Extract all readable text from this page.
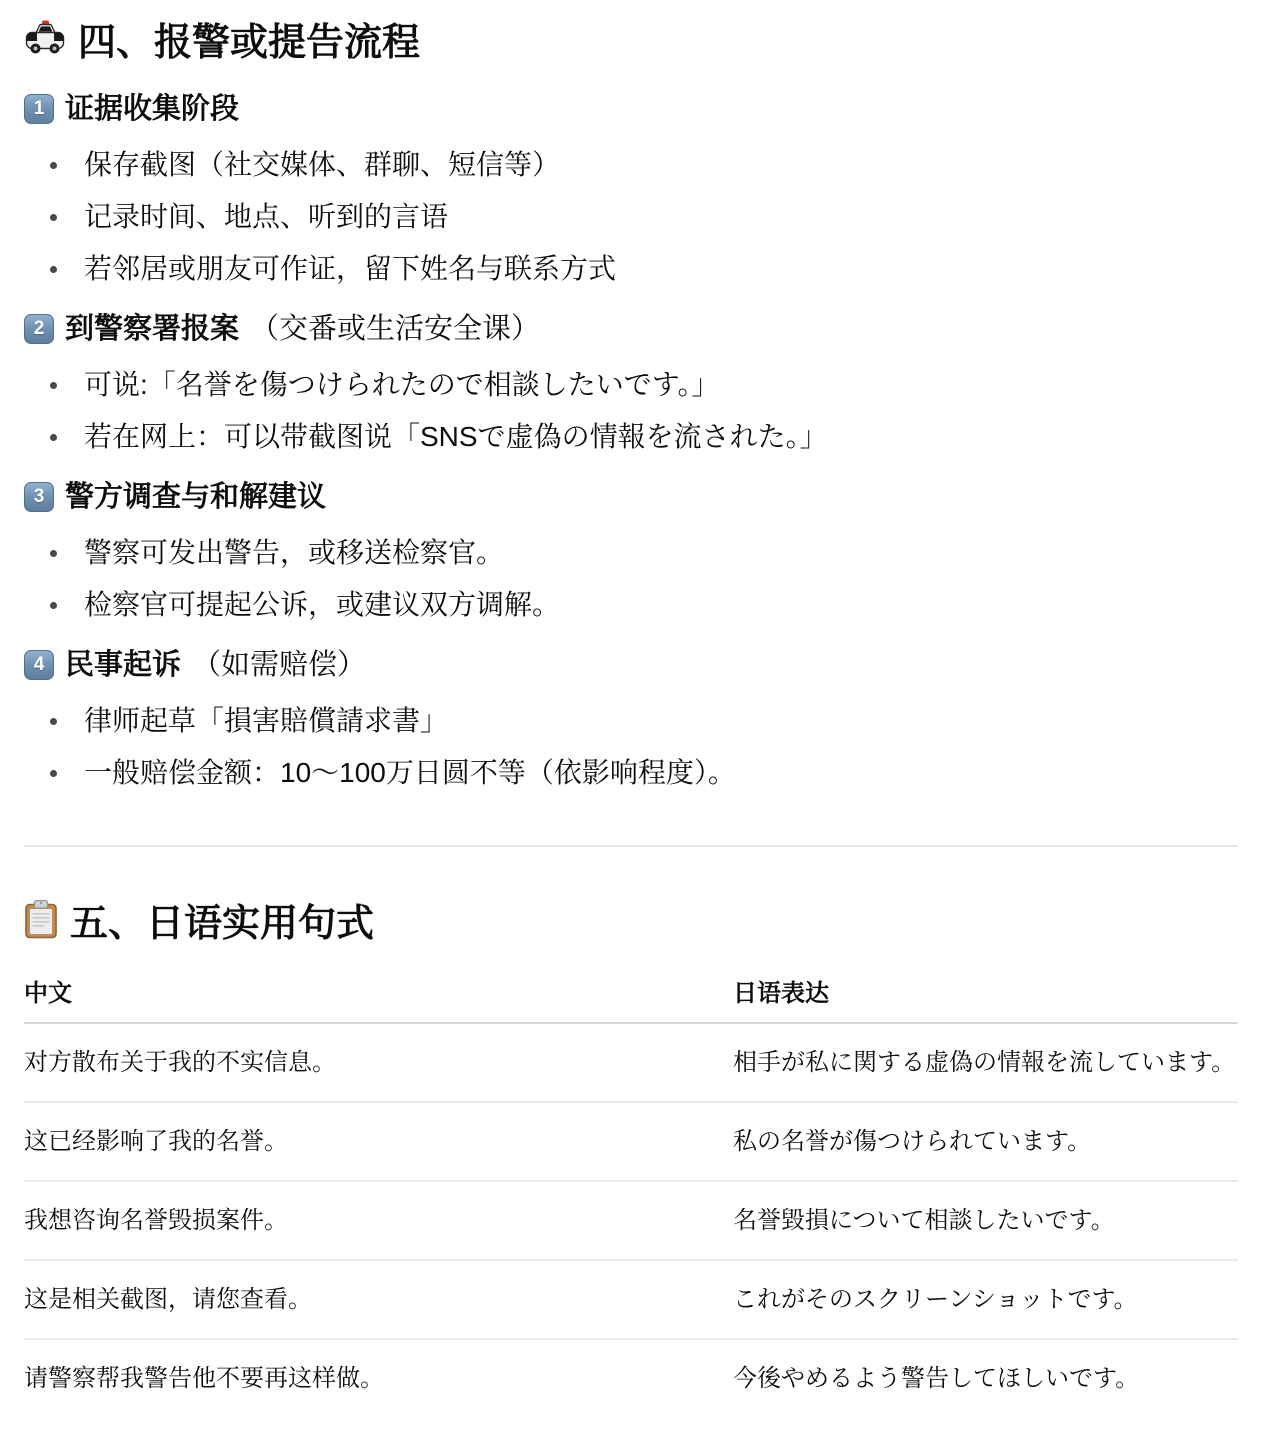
四、报警或提告流程
1 证据收集阶段
保存截图（社交媒体、群聊、短信等）
记录时间、地点、听到的言语
若邻居或朋友可作证，留下姓名与联系方式
2 到警察署报案 （交番或生活安全课）
可说:「名誉を傷つけられたので相談したいです。」
若在网上：可以带截图说「SNSで虚偽の情報を流された。」
3 警方调查与和解建议
警察可发出警告，或移送检察官。
检察官可提起公诉，或建议双方调解。
4 民事起诉 （如需赔偿）
律师起草「損害賠償請求書」
一般赔偿金额：10～100万日圆不等（依影响程度）。
五、日语实用句式
中文	日语表达
对方散布关于我的不实信息。	相手が私に関する虚偽の情報を流しています。
这已经影响了我的名誉。	私の名誉が傷つけられています。
我想咨询名誉毁损案件。	名誉毀損について相談したいです。
这是相关截图，请您查看。	これがそのスクリーンショットです。
请警察帮我警告他不要再这样做。	今後やめるよう警告してほしいです。
